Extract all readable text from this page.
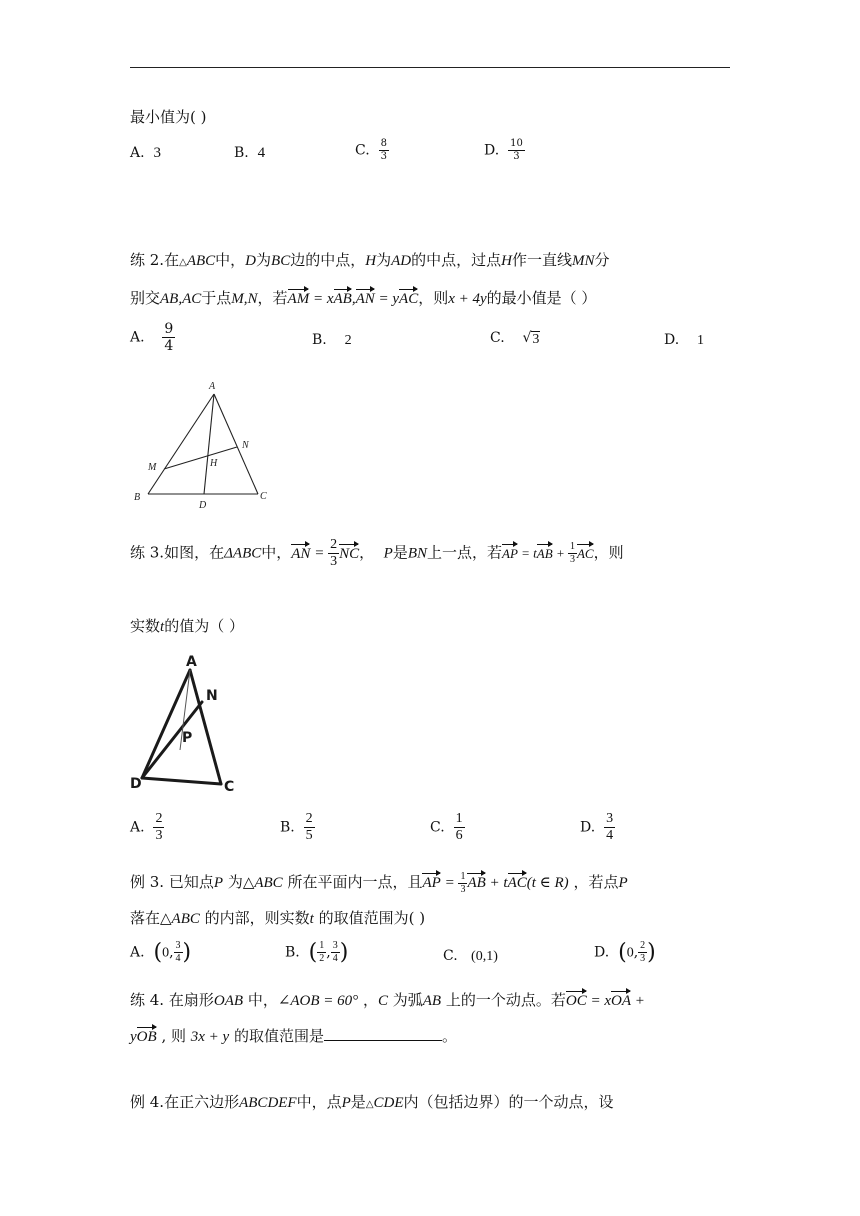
最小值为( )
A. 3	B. 4	C. $\frac{8}{3}$	D. $\frac{10}{3}$
练 2.在△ABC中，D为BC边的中点，H为AD的中点，过点H作一直线MN分
别交AB,AC于点M,N，若AM = xAB,AN = yAC，则x + 4y的最小值是（ ）
A. $\frac{9}{4}$	B. 2	C. √ 3	D. 1
A
B	C
D
M
N
H
练 3.如图，在ΔABC中，AN = $\frac{2}{3}$ NC， P是BN上一点，若AP = tAB + $\frac{1}{3}$ AC，则
实数t的值为（ ）
A
N
P
D	C
A. $\frac{2}{3}$	B. $\frac{2}{5}$	C. $\frac{1}{6}$	D. $\frac{3}{4}$
例 3. 已知点P 为△ABC 所在平面内一点，且AP = $\frac{1}{3}$ AB + tAC(t ∈ R) ，若点P
落在△ABC 的内部，则实数t 的取值范围为( )
A. (0, $\frac{3}{4}$ )	B. ( $\frac{1}{2}$ , $\frac{3}{4}$ )	C. (0,1)	D. (0, $\frac{2}{3}$ )
练 4. 在扇形OAB 中，∠AOB = 60° ，C 为弧AB 上的一个动点。若OC = xOA +
yOB , 则 3x + y 的取值范围是	。
例 4.在正六边形ABCDEF中，点P是△CDE内（包括边界）的一个动点，设
